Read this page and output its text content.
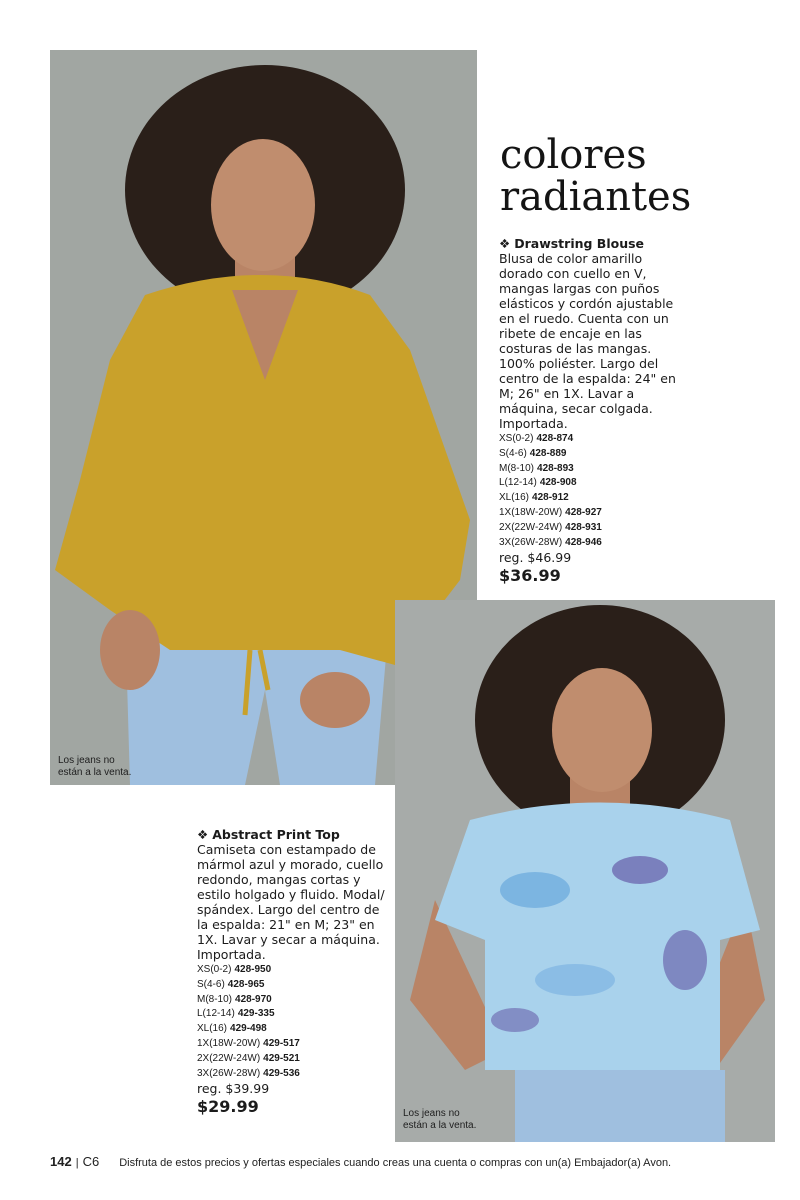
Los jeans no están a la venta.
colores
radiantes
❖ Drawstring Blouse
Blusa de color amarillo dorado con cuello en V, mangas largas con puños elásticos y cordón ajustable en el ruedo. Cuenta con un ribete de encaje en las costuras de las mangas. 100% poliéster. Largo del centro de la espalda: 24" en M; 26" en 1X. Lavar a máquina, secar colgada. Importada.
XS(0-2) 428-874
S(4-6) 428-889
M(8-10) 428-893
L(12-14) 428-908
XL(16) 428-912
1X(18W-20W) 428-927
2X(22W-24W) 428-931
3X(26W-28W) 428-946
reg. $46.99
$36.99
Los jeans no están a la venta.
❖ Abstract Print Top
Camiseta con estampado de mármol azul y morado, cuello redondo, mangas cortas y estilo holgado y fluido. Modal/ spándex. Largo del centro de la espalda: 21" en M; 23" en 1X. Lavar y secar a máquina. Importada.
XS(0-2) 428-950
S(4-6) 428-965
M(8-10) 428-970
L(12-14) 429-335
XL(16) 429-498
1X(18W-20W) 429-517
2X(22W-24W) 429-521
3X(26W-28W) 429-536
reg. $39.99
$29.99
142 | C6 Disfruta de estos precios y ofertas especiales cuando creas una cuenta o compras con un(a) Embajador(a) Avon.
